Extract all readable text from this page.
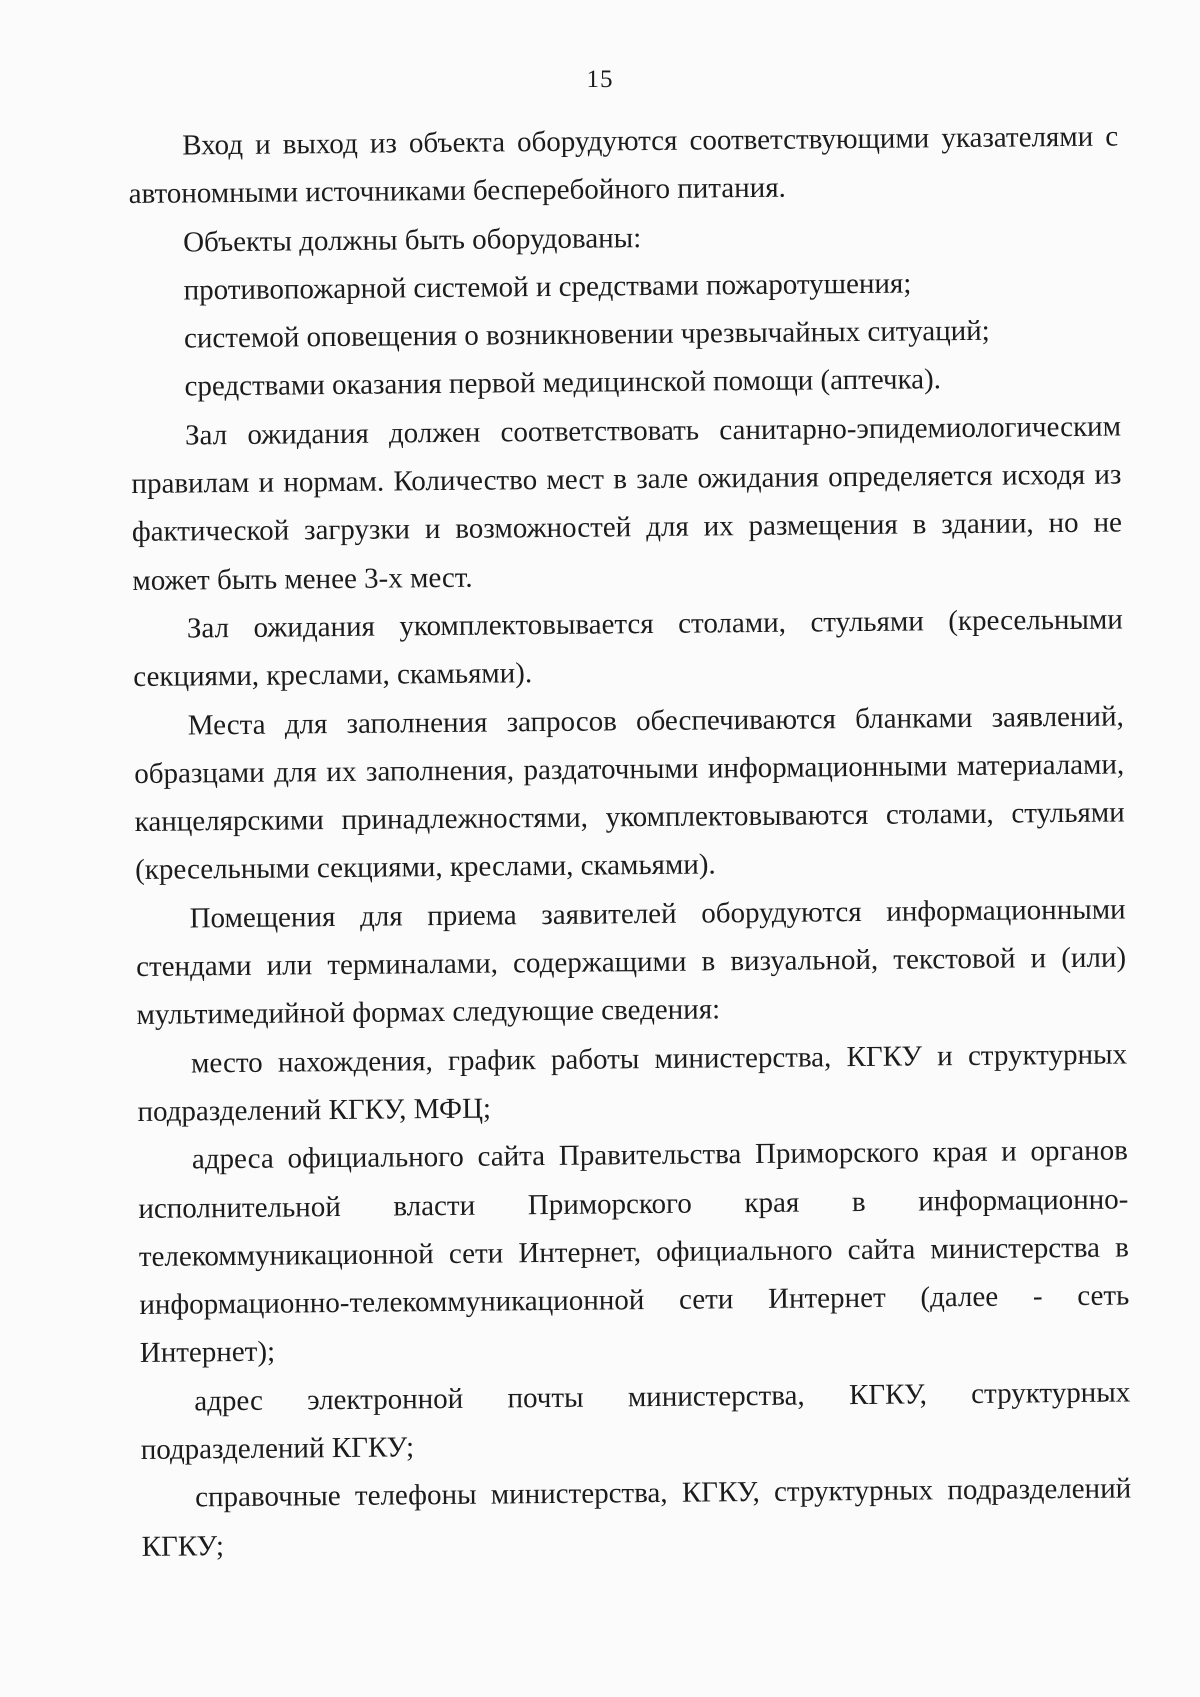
15

Вход и выход из объекта оборудуются соответствующими указателями с автономными источниками бесперебойного питания.

Объекты должны быть оборудованы:

противопожарной системой и средствами пожаротушения;

системой оповещения о возникновении чрезвычайных ситуаций;

средствами оказания первой медицинской помощи (аптечка).

Зал ожидания должен соответствовать санитарно-эпидемиологическим правилам и нормам. Количество мест в зале ожидания определяется исходя из фактической загрузки и возможностей для их размещения в здании, но не может быть менее 3-х мест.

Зал ожидания укомплектовывается столами, стульями (кресельными секциями, креслами, скамьями).

Места для заполнения запросов обеспечиваются бланками заявлений, образцами для их заполнения, раздаточными информационными материалами, канцелярскими принадлежностями, укомплектовываются столами, стульями (кресельными секциями, креслами, скамьями).

Помещения для приема заявителей оборудуются информационными стендами или терминалами, содержащими в визуальной, текстовой и (или) мультимедийной формах следующие сведения:

место нахождения, график работы министерства, КГКУ и структурных подразделений КГКУ, МФЦ;

адреса официального сайта Правительства Приморского края и органов исполнительной власти Приморского края в информационно-телекоммуникационной сети Интернет, официального сайта министерства в информационно-телекоммуникационной сети Интернет (далее - сеть Интернет);

адрес электронной почты министерства, КГКУ, структурных подразделений КГКУ;

справочные телефоны министерства, КГКУ, структурных подразделений КГКУ;
